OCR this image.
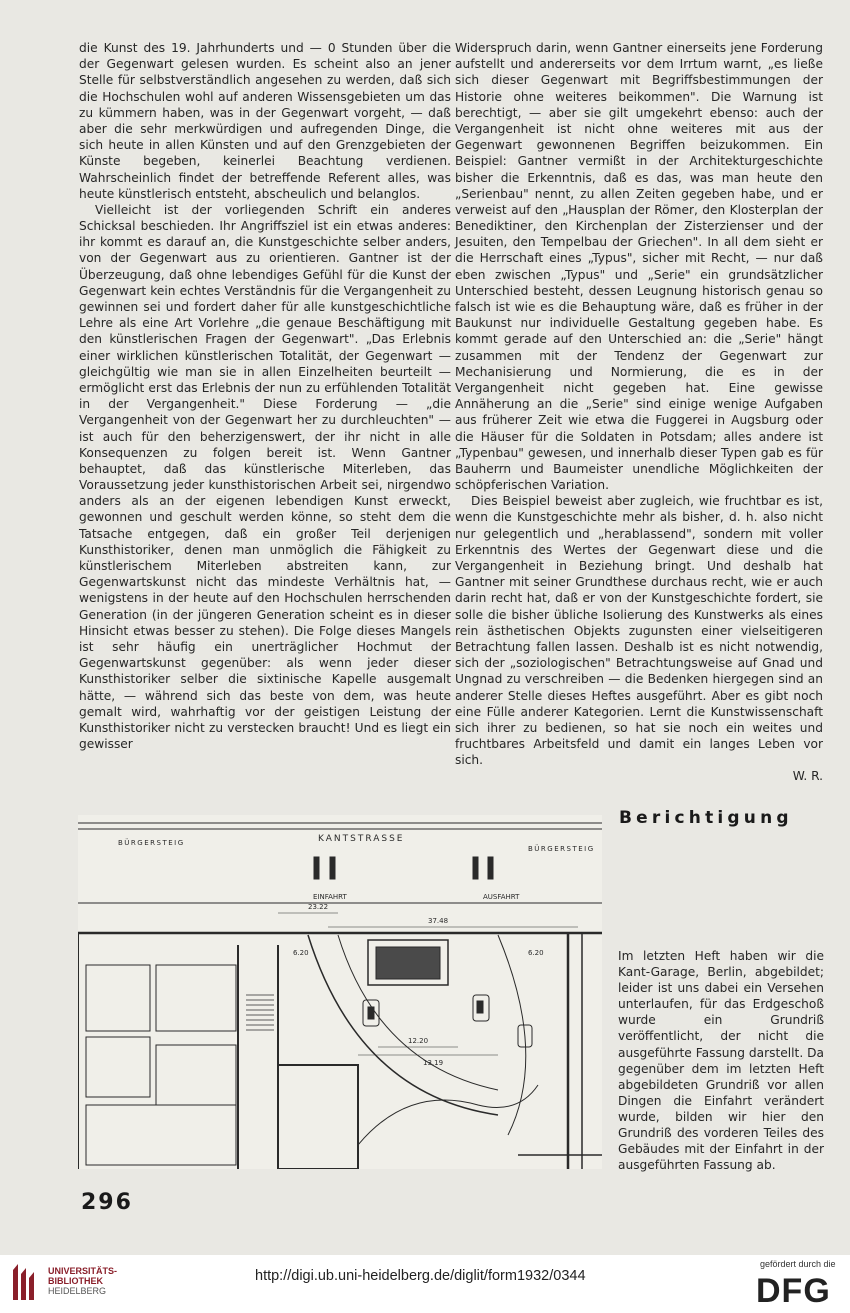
die Kunst des 19. Jahrhunderts und — 0 Stunden über die der Gegenwart gelesen wurden. Es scheint also an jener Stelle für selbstverständlich angesehen zu werden, daß sich die Hochschulen wohl auf anderen Wissensgebieten um das zu kümmern haben, was in der Gegenwart vorgeht, — daß aber die sehr merkwürdigen und aufregenden Dinge, die sich heute in allen Künsten und auf den Grenzgebieten der Künste begeben, keinerlei Beachtung verdienen. Wahrscheinlich findet der betreffende Referent alles, was heute künstlerisch entsteht, abscheulich und belanglos.

Vielleicht ist der vorliegenden Schrift ein anderes Schicksal beschieden. Ihr Angriffsziel ist ein etwas anderes: ihr kommt es darauf an, die Kunstgeschichte selber anders, von der Gegenwart aus zu orientieren. Gantner ist der Überzeugung, daß ohne lebendiges Gefühl für die Kunst der Gegenwart kein echtes Verständnis für die Vergangenheit zu gewinnen sei und fordert daher für alle kunstgeschichtliche Lehre als eine Art Vorlehre „die genaue Beschäftigung mit den künstlerischen Fragen der Gegenwart". „Das Erlebnis einer wirklichen künstlerischen Totalität, der Gegenwart — gleichgültig wie man sie in allen Einzelheiten beurteilt — ermöglicht erst das Erlebnis der nun zu erfühlenden Totalität in der Vergangenheit." Diese Forderung — „die Vergangenheit von der Gegenwart her zu durchleuchten" — ist auch für den beherzigenswert, der ihr nicht in alle Konsequenzen zu folgen bereit ist. Wenn Gantner behauptet, daß das künstlerische Miterleben, das Voraussetzung jeder kunsthistorischen Arbeit sei, nirgendwo anders als an der eigenen lebendigen Kunst erweckt, gewonnen und geschult werden könne, so steht dem die Tatsache entgegen, daß ein großer Teil derjenigen Kunsthistoriker, denen man unmöglich die Fähigkeit zu künstlerischem Miterleben abstreiten kann, zur Gegenwartskunst nicht das mindeste Verhältnis hat, — wenigstens in der heute auf den Hochschulen herrschenden Generation (in der jüngeren Generation scheint es in dieser Hinsicht etwas besser zu stehen). Die Folge dieses Mangels ist sehr häufig ein unerträglicher Hochmut der Gegenwartskunst gegenüber: als wenn jeder dieser Kunsthistoriker selber die sixtinische Kapelle ausgemalt hätte, — während sich das beste von dem, was heute gemalt wird, wahrhaftig vor der geistigen Leistung der Kunsthistoriker nicht zu verstecken braucht! Und es liegt ein gewisser

Widerspruch darin, wenn Gantner einerseits jene Forderung aufstellt und andererseits vor dem Irrtum warnt, „es ließe sich dieser Gegenwart mit Begriffsbestimmungen der Historie ohne weiteres beikommen". Die Warnung ist berechtigt, — aber sie gilt umgekehrt ebenso: auch der Vergangenheit ist nicht ohne weiteres mit aus der Gegenwart gewonnenen Begriffen beizukommen. Ein Beispiel: Gantner vermißt in der Architekturgeschichte bisher die Erkenntnis, daß es das, was man heute den „Serienbau" nennt, zu allen Zeiten gegeben habe, und er verweist auf den „Hausplan der Römer, den Klosterplan der Benediktiner, den Kirchenplan der Zisterzienser und der Jesuiten, den Tempelbau der Griechen". In all dem sieht er die Herrschaft eines „Typus", sicher mit Recht, — nur daß eben zwischen „Typus" und „Serie" ein grundsätzlicher Unterschied besteht, dessen Leugnung historisch genau so falsch ist wie es die Behauptung wäre, daß es früher in der Baukunst nur individuelle Gestaltung gegeben habe. Es kommt gerade auf den Unterschied an: die „Serie" hängt zusammen mit der Tendenz der Gegenwart zur Mechanisierung und Normierung, die es in der Vergangenheit nicht gegeben hat. Eine gewisse Annäherung an die „Serie" sind einige wenige Aufgaben aus früherer Zeit wie etwa die Fuggerei in Augsburg oder die Häuser für die Soldaten in Potsdam; alles andere ist „Typenbau" gewesen, und innerhalb dieser Typen gab es für Bauherrn und Baumeister unendliche Möglichkeiten der schöpferischen Variation.

Dies Beispiel beweist aber zugleich, wie fruchtbar es ist, wenn die Kunstgeschichte mehr als bisher, d. h. also nicht nur gelegentlich und „herablassend", sondern mit voller Erkenntnis des Wertes der Gegenwart diese und die Vergangenheit in Beziehung bringt. Und deshalb hat Gantner mit seiner Grundthese durchaus recht, wie er auch darin recht hat, daß er von der Kunstgeschichte fordert, sie solle die bisher übliche Isolierung des Kunstwerks als eines rein ästhetischen Objekts zugunsten einer vielseitigeren Betrachtung fallen lassen. Deshalb ist es nicht notwendig, sich der „soziologischen" Betrachtungsweise auf Gnad und Ungnad zu verschreiben — die Bedenken hiergegen sind an anderer Stelle dieses Heftes ausgeführt. Aber es gibt noch eine Fülle anderer Kategorien. Lernt die Kunstwissenschaft sich ihrer zu bedienen, so hat sie noch ein weites und fruchtbares Arbeitsfeld und damit ein langes Leben vor sich.

W. R.

KANTSTRASSE
BÜRGERSTEIG
BÜRGERSTEIG
EINFAHRT	AUSFAHRT
37.48
23.22
12.20
13.19
6.20	6.20
Berichtigung
Im letzten Heft haben wir die Kant-Garage, Berlin, abgebildet; leider ist uns dabei ein Versehen unterlaufen, für das Erdgeschoß wurde ein Grundriß veröffentlicht, der nicht die ausgeführte Fassung darstellt. Da gegenüber dem im letzten Heft abgebildeten Grundriß vor allen Dingen die Einfahrt verändert wurde, bilden wir hier den Grundriß des vorderen Teiles des Gebäudes mit der Einfahrt in der ausgeführten Fassung ab.
296
UNIVERSITÄTS-
BIBLIOTHEK
HEIDELBERG
http://digi.ub.uni-heidelberg.de/diglit/form1932/0344
gefördert durch die
DFG
